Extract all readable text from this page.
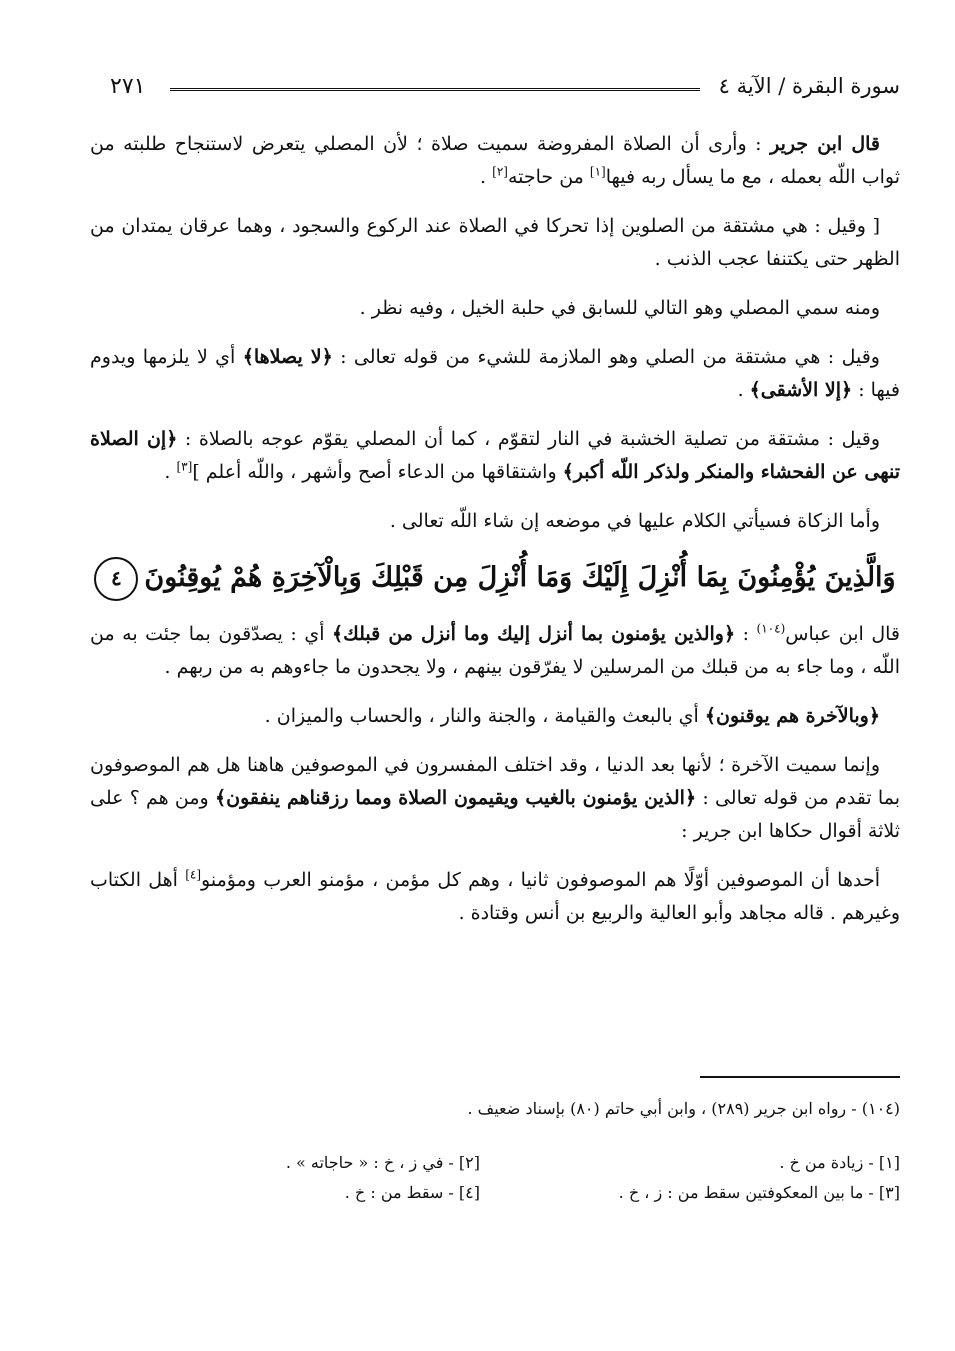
سورة البقرة / الآية ٤
٢٧١

قال ابن جرير : وأرى أن الصلاة المفروضة سميت صلاة ؛ لأن المصلي يتعرض لاستنجاح طلبته من ثواب اللّه بعمله ، مع ما يسأل ربه فيها[١] من حاجته[٢] .

[ وقيل : هي مشتقة من الصلوين إذا تحركا في الصلاة عند الركوع والسجود ، وهما عرقان يمتدان من الظهر حتى يكتنفا عجب الذنب .

ومنه سمي المصلي وهو التالي للسابق في حلبة الخيل ، وفيه نظر .

وقيل : هي مشتقة من الصلي وهو الملازمة للشيء من قوله تعالى : ﴿لا يصلاها﴾ أي لا يلزمها ويدوم فيها : ﴿إلا الأشقى﴾ .

وقيل : مشتقة من تصلية الخشبة في النار لتقوّم ، كما أن المصلي يقوّم عوجه بالصلاة : ﴿إن الصلاة تنهى عن الفحشاء والمنكر ولذكر اللّه أكبر﴾ واشتقاقها من الدعاء أصح وأشهر ، واللّه أعلم ][٣] .

وأما الزكاة فسيأتي الكلام عليها في موضعه إن شاء اللّه تعالى .

وَالَّذِينَ يُؤْمِنُونَ بِمَا أُنْزِلَ إِلَيْكَ وَمَا أُنْزِلَ مِن قَبْلِكَ وَبِالْآخِرَةِ هُمْ يُوقِنُونَ٤

قال ابن عباس$^{(١٠٤)}$ : ﴿والذين يؤمنون بما أنزل إليك وما أنزل من قبلك﴾ أي : يصدّقون بما جئت به من اللّه ، وما جاء به من قبلك من المرسلين لا يفرّقون بينهم ، ولا يجحدون ما جاءوهم به من ربهم .

﴿وبالآخرة هم يوقنون﴾ أي بالبعث والقيامة ، والجنة والنار ، والحساب والميزان .

وإنما سميت الآخرة ؛ لأنها بعد الدنيا ، وقد اختلف المفسرون في الموصوفين هاهنا هل هم الموصوفون بما تقدم من قوله تعالى : ﴿الذين يؤمنون بالغيب ويقيمون الصلاة ومما رزقناهم ينفقون﴾ ومن هم ؟ على ثلاثة أقوال حكاها ابن جرير :

أحدها أن الموصوفين أوّلًا هم الموصوفون ثانيا ، وهم كل مؤمن ، مؤمنو العرب ومؤمنو[٤] أهل الكتاب وغيرهم . قاله مجاهد وأبو العالية والربيع بن أنس وقتادة .

(١٠٤) - رواه ابن جرير (٢٨٩) ، وابن أبي حاتم (٨٠) بإسناد ضعيف .

[١] - زيادة من خ .
[٢] - في ز ، خ : « حاجاته » .
[٣] - ما بين المعكوفتين سقط من : ز ، خ .
[٤] - سقط من : خ .
